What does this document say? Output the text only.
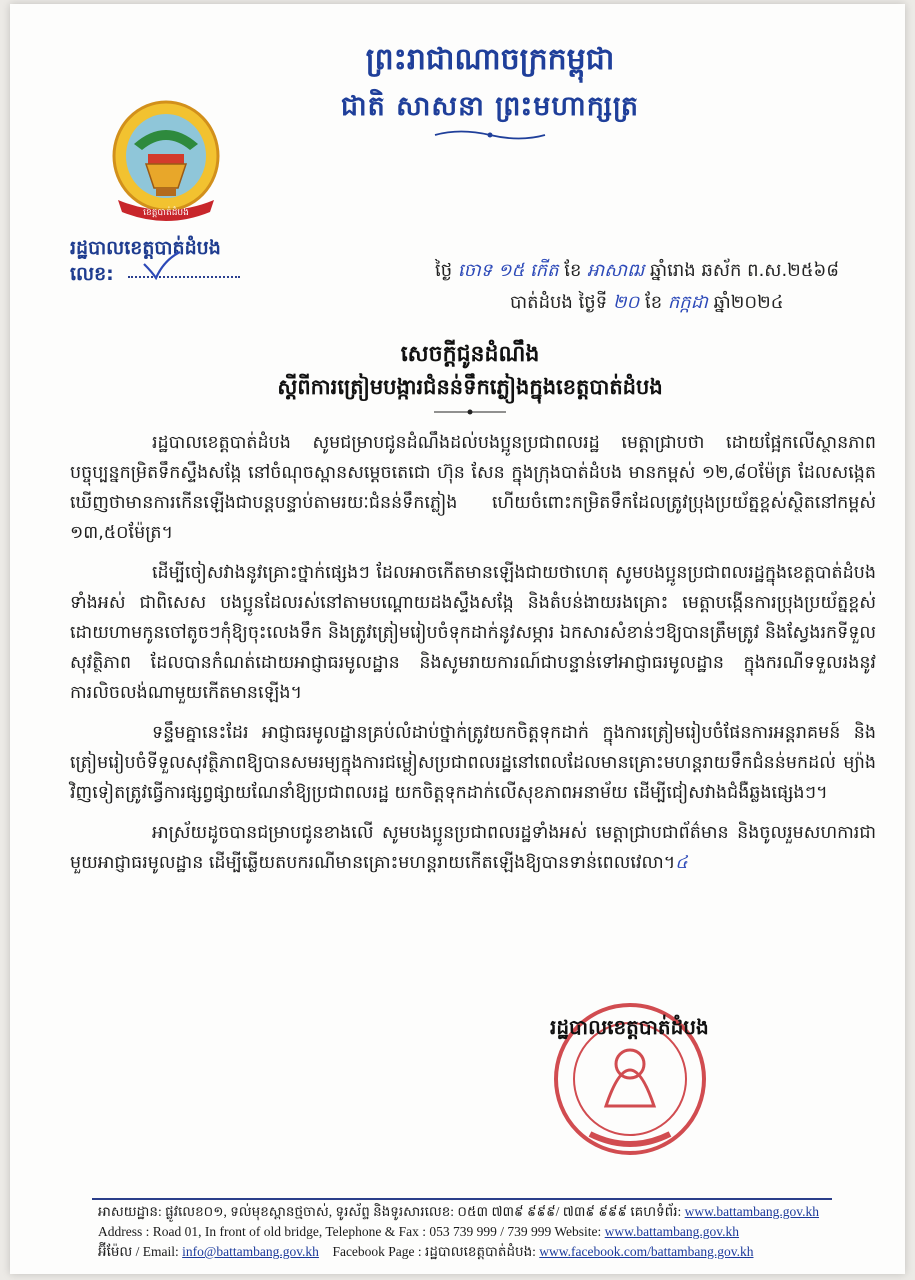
ព្រះរាជាណាចក្រកម្ពុជា
ជាតិ សាសនា ព្រះមហាក្សត្រ
ខេត្តបាត់ដំបង
រដ្ឋបាលខេត្តបាត់ដំបង
លេខ:	ថ្ងៃ ចោទ ១៥ កើត ខែ អាសាឍ ឆ្នាំរោង ឆស័ក ព.ស.២៥៦៨
បាត់ដំបង ថ្ងៃទី ២០ ខែ កក្កដា ឆ្នាំ២០២៤
សេចក្តីជូនដំណឹង
ស្តីពីការត្រៀមបង្ការជំនន់ទឹកភ្លៀងក្នុងខេត្តបាត់ដំបង

រដ្ឋបាលខេត្តបាត់ដំបង សូមជម្រាបជូនដំណឹងដល់បងប្អូនប្រជាពលរដ្ឋ មេត្តាជ្រាបថា ដោយផ្អែកលើស្ថានភាពបច្ចុប្បន្នកម្រិតទឹកស្ទឹងសង្កែ នៅចំណុចស្ពានសម្តេចតេជោ ហ៊ុន សែន ក្នុងក្រុងបាត់ដំបង មានកម្ពស់ ១២,៨០ម៉ែត្រ ដែលសង្កេតឃើញថាមានការកើនឡើងជាបន្តបន្ទាប់តាមរយៈជំនន់ទឹកភ្លៀង ហើយចំពោះកម្រិតទឹកដែលត្រូវប្រុងប្រយ័ត្នខ្ពស់ស្ថិតនៅកម្ពស់ ១៣,៥០ម៉ែត្រ។

ដើម្បីចៀសវាងនូវគ្រោះថ្នាក់ផ្សេងៗ ដែលអាចកើតមានឡើងជាយថាហេតុ សូមបងប្អូនប្រជាពលរដ្ឋក្នុងខេត្តបាត់ដំបងទាំងអស់ ជាពិសេស បងប្អូនដែលរស់នៅតាមបណ្តោយដងស្ទឹងសង្កែ និងតំបន់ងាយរងគ្រោះ មេត្តាបង្កើនការប្រុងប្រយ័ត្នខ្ពស់ ដោយហាមកូនចៅតូចៗកុំឱ្យចុះលេងទឹក និងត្រូវត្រៀមរៀបចំទុកដាក់នូវសម្ភារ ឯកសារសំខាន់ៗឱ្យបានត្រឹមត្រូវ និងស្វែងរកទីទួលសុវត្ថិភាព ដែលបានកំណត់ដោយអាជ្ញាធរមូលដ្ឋាន និងសូមរាយការណ៍ជាបន្ទាន់ទៅអាជ្ញាធរមូលដ្ឋាន ក្នុងករណីទទួលរងនូវការលិចលង់ណាមួយកើតមានឡើង។

ទន្ទឹមគ្នានេះដែរ អាជ្ញាធរមូលដ្ឋានគ្រប់លំដាប់ថ្នាក់ត្រូវយកចិត្តទុកដាក់ ក្នុងការត្រៀមរៀបចំផែនការអន្តរាគមន៍ និងត្រៀមរៀបចំទីទួលសុវត្ថិភាពឱ្យបានសមរម្យក្នុងការជម្លៀសប្រជាពលរដ្ឋនៅពេលដែលមានគ្រោះមហន្តរាយទឹកជំនន់មកដល់ ម្យ៉ាងវិញទៀតត្រូវធ្វើការផ្សព្វផ្សាយណែនាំឱ្យប្រជាពលរដ្ឋ យកចិត្តទុកដាក់លើសុខភាពអនាម័យ ដើម្បីជៀសវាងជំងឺឆ្លងផ្សេងៗ។

អាស្រ័យដូចបានជម្រាបជូនខាងលើ សូមបងប្អូនប្រជាពលរដ្ឋទាំងអស់ មេត្តាជ្រាបជាព័ត៌មាន និងចូលរួមសហការជាមួយអាជ្ញាធរមូលដ្ឋាន ដើម្បីឆ្លើយតបករណីមានគ្រោះមហន្តរាយកើតឡើងឱ្យបានទាន់ពេលវេលា។៤

រដ្ឋបាលខេត្តបាត់ដំបង
អាសយដ្ឋាន: ផ្លូវលេខ០១, ទល់មុខស្ពានថ្មចាស់, ទូរស័ព្ទ និងទូរសារលេខ: ០៥៣ ៧៣៩ ៩៩៩/ ៧៣៩ ៩៩៩ គេហទំព័រ: www.battambang.gov.kh
Address : Road 01, In front of old bridge, Telephone & Fax : 053 739 999 / 739 999 Website: www.battambang.gov.kh
អ៊ីម៉ែល / Email: info@battambang.gov.kh Facebook Page : រដ្ឋបាលខេត្តបាត់ដំបង: www.facebook.com/battambang.gov.kh
